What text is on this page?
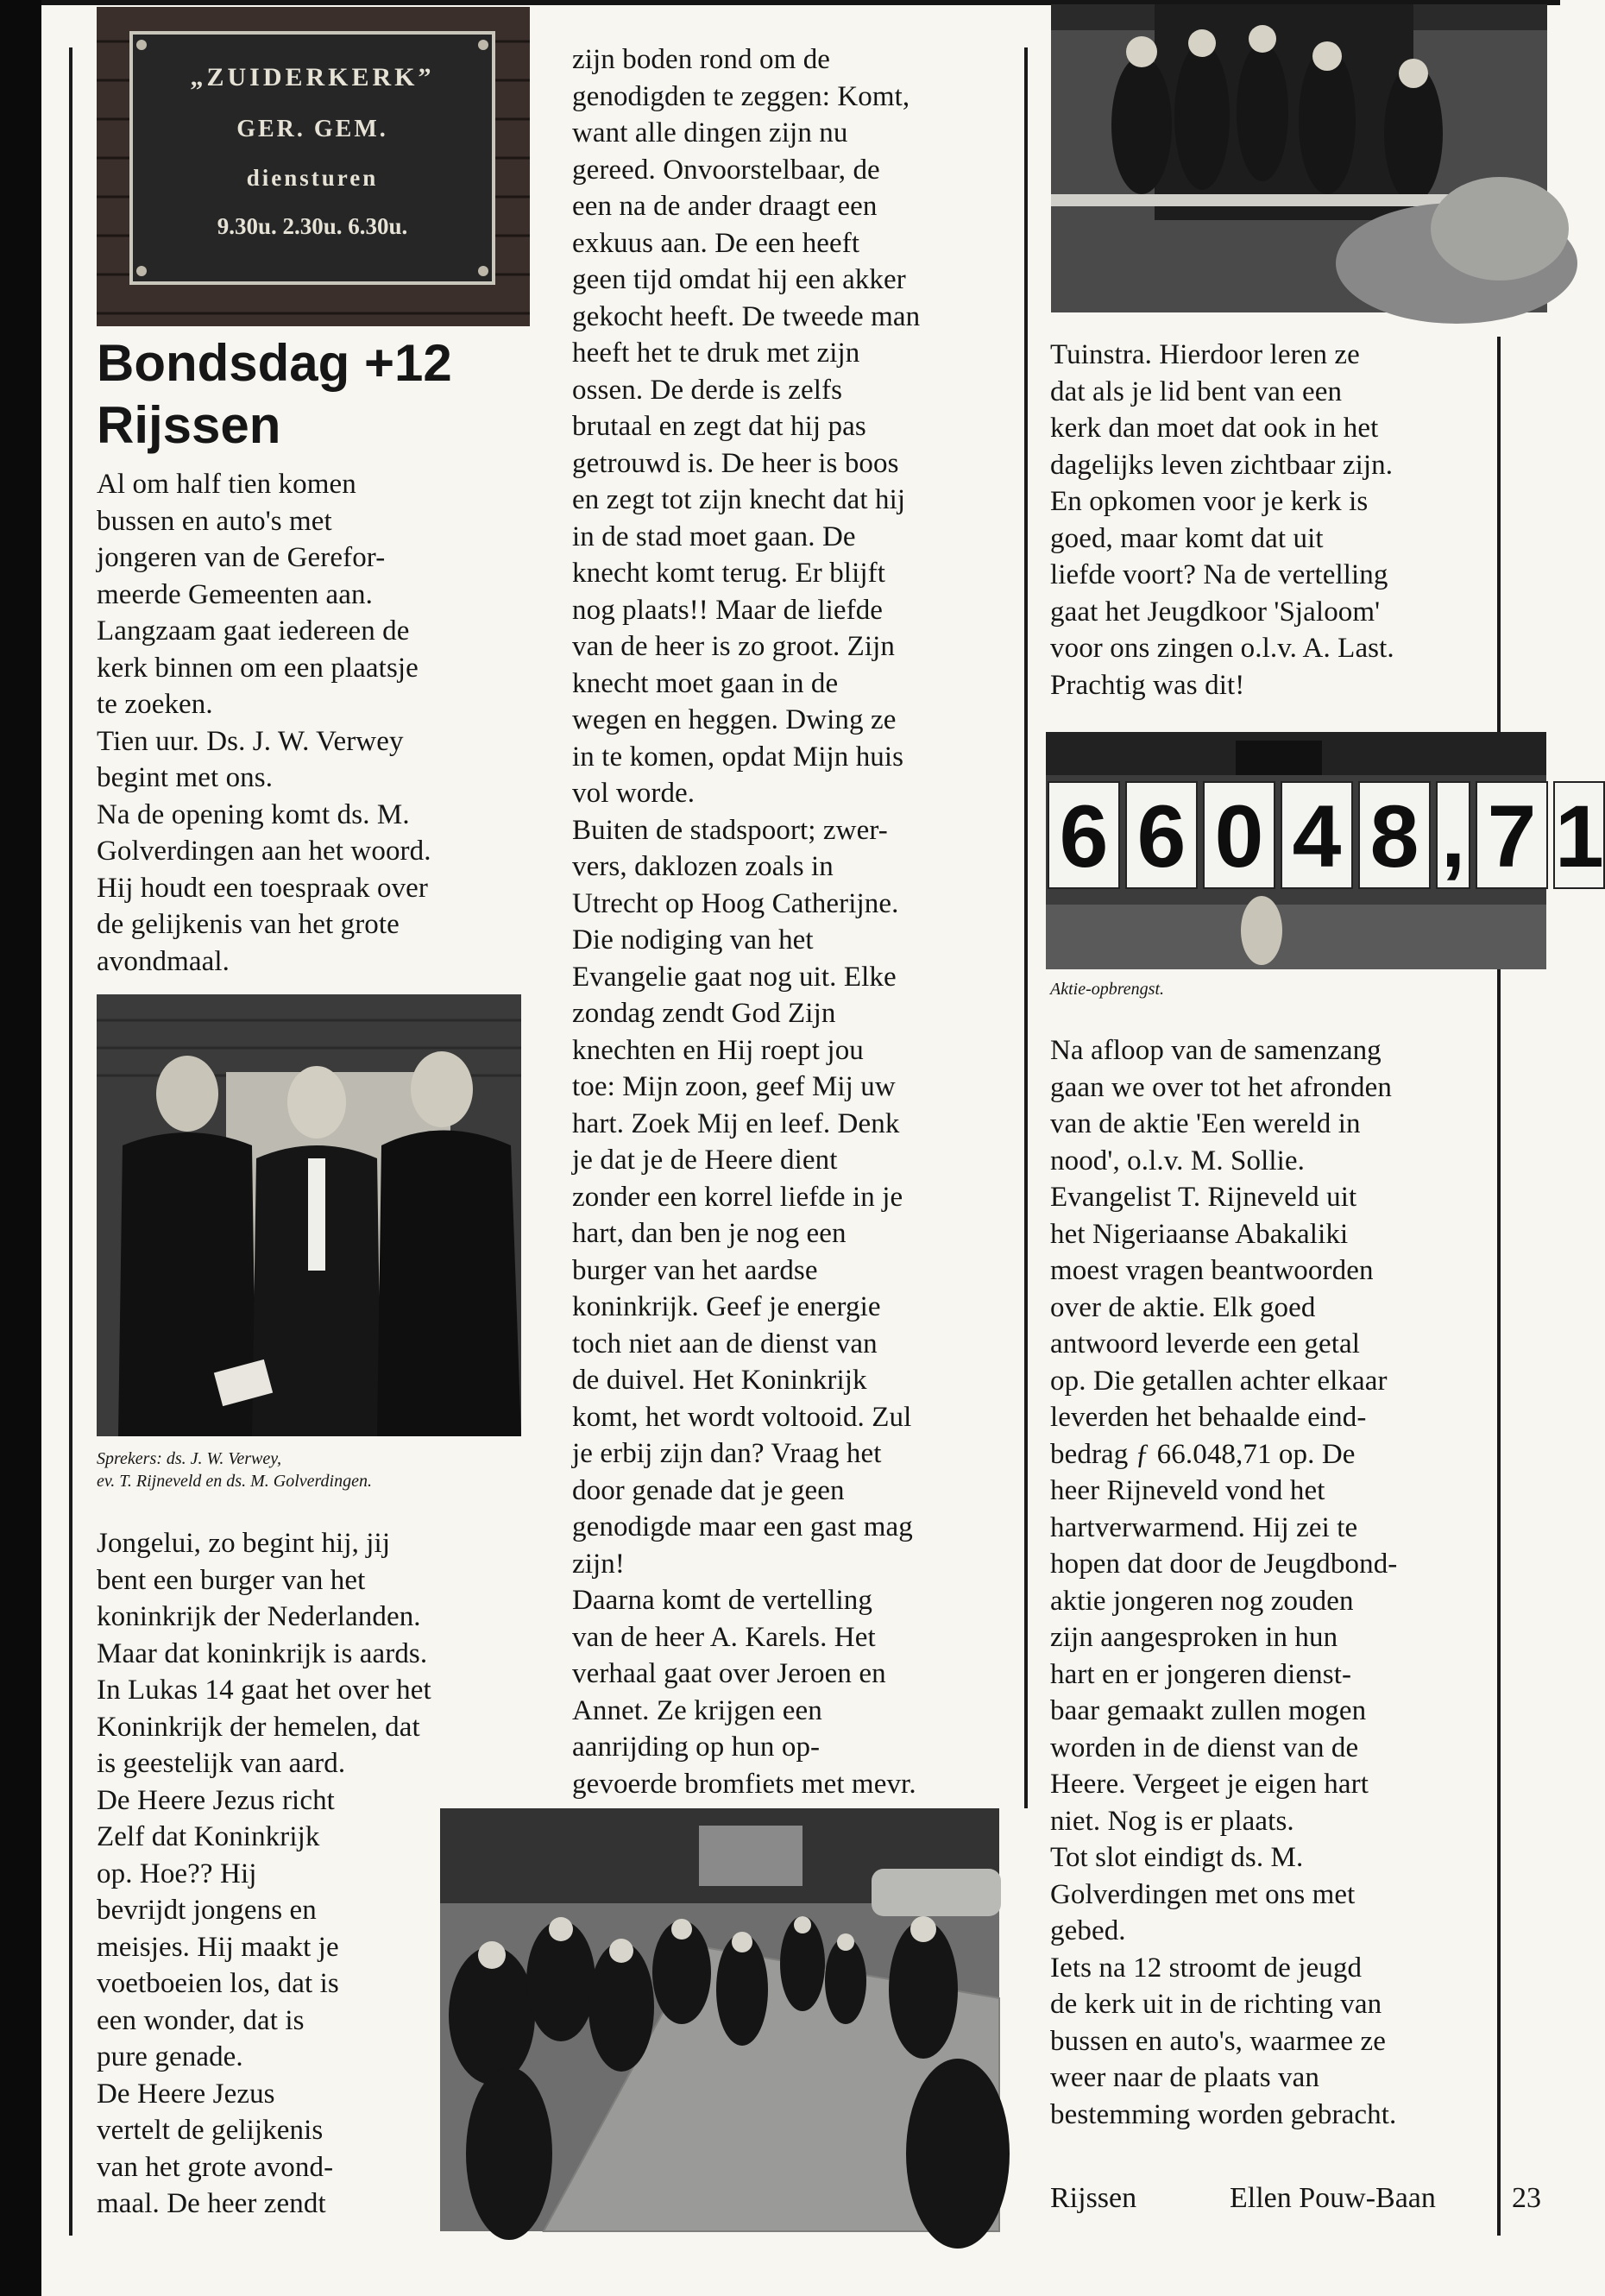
„ZUIDERKERK”
GER. GEM.
diensturen
9.30u. 2.30u. 6.30u.
Bondsdag +12
Rijssen
Al om half tien komen
bussen en auto's met
jongeren van de Gerefor-
meerde Gemeenten aan.
Langzaam gaat iedereen de
kerk binnen om een plaatsje
te zoeken.
Tien uur. Ds. J. W. Verwey
begint met ons.
Na de opening komt ds. M.
Golverdingen aan het woord.
Hij houdt een toespraak over
de gelijkenis van het grote
avondmaal.
Sprekers: ds. J. W. Verwey,
ev. T. Rijneveld en ds. M. Golverdingen.
Jongelui, zo begint hij, jij
bent een burger van het
koninkrijk der Nederlanden.
Maar dat koninkrijk is aards.
In Lukas 14 gaat het over het
Koninkrijk der hemelen, dat
is geestelijk van aard.
De Heere Jezus richt
Zelf dat Koninkrijk
op. Hoe?? Hij
bevrijdt jongens en
meisjes. Hij maakt je
voetboeien los, dat is
een wonder, dat is
pure genade.
De Heere Jezus
vertelt de gelijkenis
van het grote avond-
maal. De heer zendt
zijn boden rond om de
genodigden te zeggen: Komt,
want alle dingen zijn nu
gereed. Onvoorstelbaar, de
een na de ander draagt een
exkuus aan. De een heeft
geen tijd omdat hij een akker
gekocht heeft. De tweede man
heeft het te druk met zijn
ossen. De derde is zelfs
brutaal en zegt dat hij pas
getrouwd is. De heer is boos
en zegt tot zijn knecht dat hij
in de stad moet gaan. De
knecht komt terug. Er blijft
nog plaats!! Maar de liefde
van de heer is zo groot. Zijn
knecht moet gaan in de
wegen en heggen. Dwing ze
in te komen, opdat Mijn huis
vol worde.
Buiten de stadspoort; zwer-
vers, daklozen zoals in
Utrecht op Hoog Catherijne.
Die nodiging van het
Evangelie gaat nog uit. Elke
zondag zendt God Zijn
knechten en Hij roept jou
toe: Mijn zoon, geef Mij uw
hart. Zoek Mij en leef. Denk
je dat je de Heere dient
zonder een korrel liefde in je
hart, dan ben je nog een
burger van het aardse
koninkrijk. Geef je energie
toch niet aan de dienst van
de duivel. Het Koninkrijk
komt, het wordt voltooid. Zul
je erbij zijn dan? Vraag het
door genade dat je geen
genodigde maar een gast mag
zijn!
Daarna komt de vertelling
van de heer A. Karels. Het
verhaal gaat over Jeroen en
Annet. Ze krijgen een
aanrijding op hun op-
gevoerde bromfiets met mevr.
Tuinstra. Hierdoor leren ze
dat als je lid bent van een
kerk dan moet dat ook in het
dagelijks leven zichtbaar zijn.
En opkomen voor je kerk is
goed, maar komt dat uit
liefde voort? Na de vertelling
gaat het Jeugdkoor 'Sjaloom'
voor ons zingen o.l.v. A. Last.
Prachtig was dit!
6 6 0 4 8 , 7 1
Aktie-opbrengst.
Na afloop van de samenzang
gaan we over tot het afronden
van de aktie 'Een wereld in
nood', o.l.v. M. Sollie.
Evangelist T. Rijneveld uit
het Nigeriaanse Abakaliki
moest vragen beantwoorden
over de aktie. Elk goed
antwoord leverde een getal
op. Die getallen achter elkaar
leverden het behaalde eind-
bedrag ƒ 66.048,71 op. De
heer Rijneveld vond het
hartverwarmend. Hij zei te
hopen dat door de Jeugdbond-
aktie jongeren nog zouden
zijn aangesproken in hun
hart en er jongeren dienst-
baar gemaakt zullen mogen
worden in de dienst van de
Heere. Vergeet je eigen hart
niet. Nog is er plaats.
Tot slot eindigt ds. M.
Golverdingen met ons met
gebed.
Iets na 12 stroomt de jeugd
de kerk uit in de richting van
bussen en auto's, waarmee ze
weer naar de plaats van
bestemming worden gebracht.
Rijssen	Ellen Pouw-Baan	23
